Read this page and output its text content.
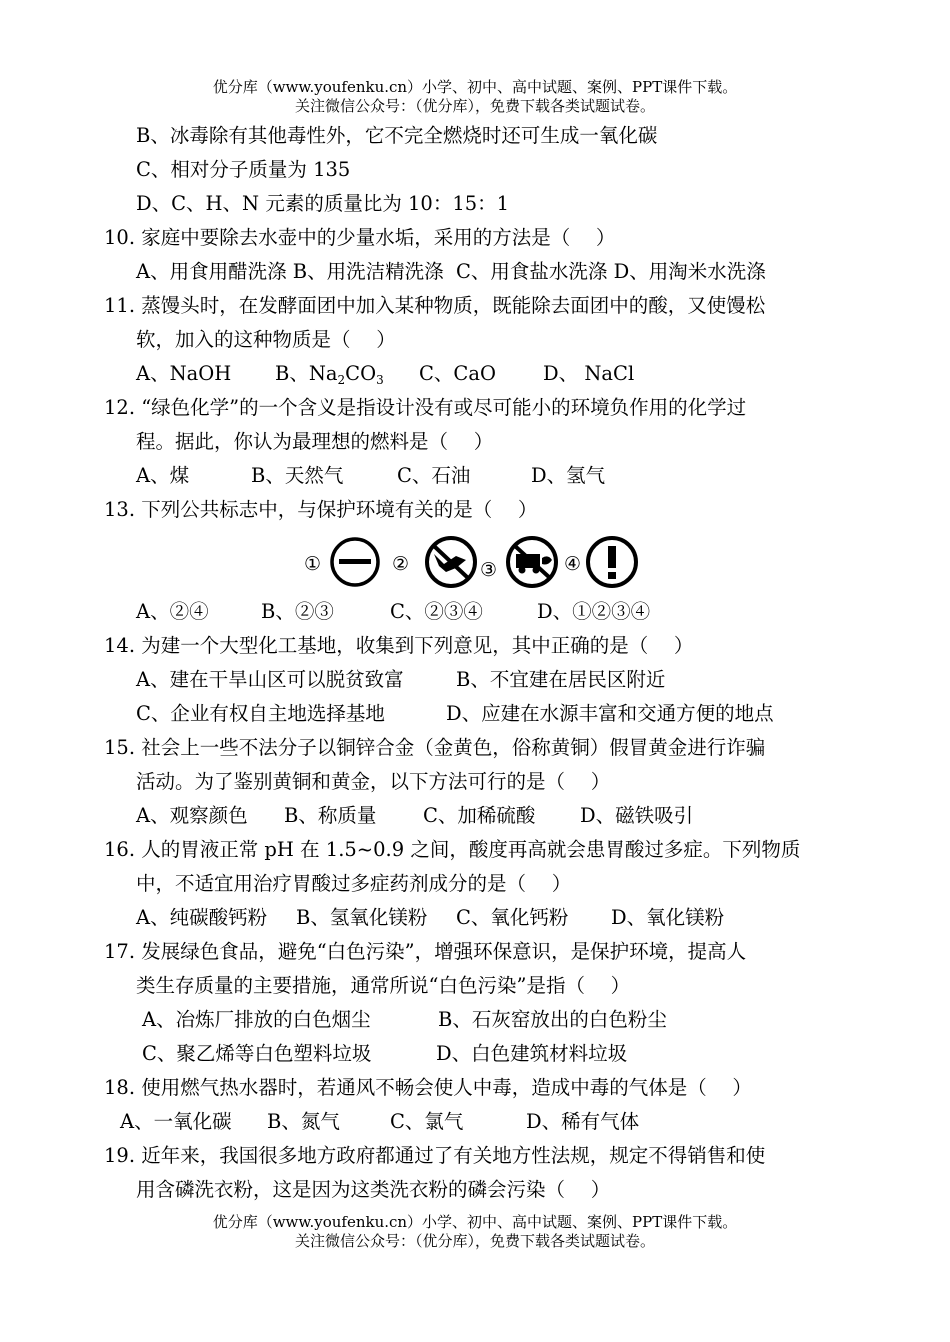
优分库（www.youfenku.cn）小学、初中、高中试题、案例、PPT课件下载。
关注微信公众号：（优分库），免费下载各类试题试卷。
B、冰毒除有其他毒性外，它不完全燃烧时还可生成一氧化碳
C、相对分子质量为 135
D、C、H、N 元素的质量比为 10：15：1
10. 家庭中要除去水壶中的少量水垢，采用的方法是（　 ）
A、用食用醋洗涤 B、用洗洁精洗涤  C、用食盐水洗涤 D、用淘米水洗涤
11. 蒸馒头时，在发酵面团中加入某种物质，既能除去面团中的酸，又使馒松
软，加入的这种物质是（　 ）
A、NaOH B、$Na_2CO_3$ C、CaO D、 NaCl
12. “绿色化学”的一个含义是指设计没有或尽可能小的环境负作用的化学过
程。据此，你认为最理想的燃料是（　 ）
A、煤	B、天然气	C、石油	D、氢气
13. 下列公共标志中，与保护环境有关的是（　 ）
①	②	③	④
A、②④	B、②③	C、②③④	D、①②③④
14. 为建一个大型化工基地，收集到下列意见，其中正确的是（　 ）
A、建在干旱山区可以脱贫致富	B、不宜建在居民区附近
C、企业有权自主地选择基地	D、应建在水源丰富和交通方便的地点
15. 社会上一些不法分子以铜锌合金（金黄色，俗称黄铜）假冒黄金进行诈骗
活动。为了鉴别黄铜和黄金，以下方法可行的是（　 ）
A、观察颜色 B、称质量 C、加稀硫酸 D、磁铁吸引
16. 人的胃液正常 pH 在 1.5~0.9 之间，酸度再高就会患胃酸过多症。下列物质
中，不适宜用治疗胃酸过多症药剂成分的是（　 ）
A、纯碳酸钙粉 B、氢氧化镁粉 C、氧化钙粉 D、氧化镁粉
17. 发展绿色食品，避免“白色污染”，增强环保意识，是保护环境，提高人
类生存质量的主要措施，通常所说“白色污染”是指（　 ）
A、冶炼厂排放的白色烟尘	B、石灰窑放出的白色粉尘
C、聚乙烯等白色塑料垃圾	D、白色建筑材料垃圾
18. 使用燃气热水器时，若通风不畅会使人中毒，造成中毒的气体是（　 ）
A、一氧化碳 B、氮气	C、氯气	D、稀有气体
19. 近年来，我国很多地方政府都通过了有关地方性法规，规定不得销售和使
用含磷洗衣粉，这是因为这类洗衣粉的磷会污染（　 ）
优分库（www.youfenku.cn）小学、初中、高中试题、案例、PPT课件下载。
关注微信公众号：（优分库），免费下载各类试题试卷。
